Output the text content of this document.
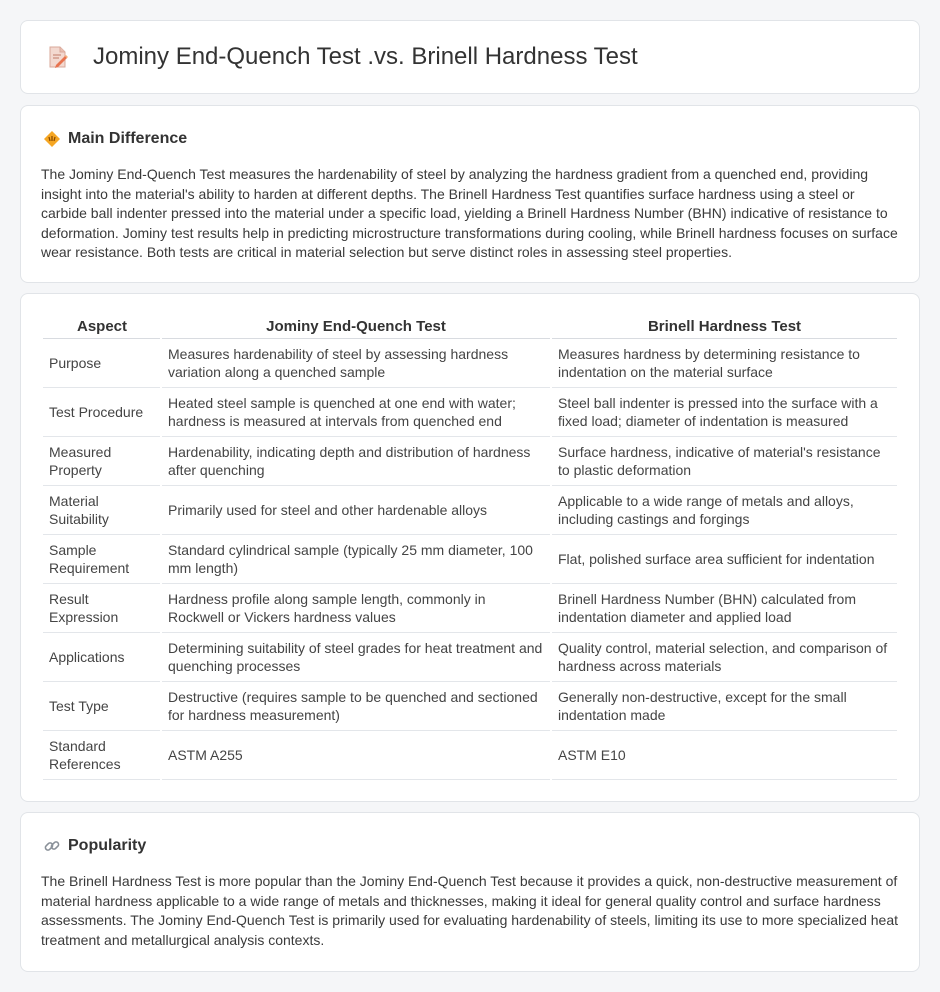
Jominy End-Quench Test .vs. Brinell Hardness Test
Main Difference

The Jominy End-Quench Test measures the hardenability of steel by analyzing the hardness gradient from a quenched end, providing insight into the material's ability to harden at different depths. The Brinell Hardness Test quantifies surface hardness using a steel or carbide ball indenter pressed into the material under a specific load, yielding a Brinell Hardness Number (BHN) indicative of resistance to deformation. Jominy test results help in predicting microstructure transformations during cooling, while Brinell hardness focuses on surface wear resistance. Both tests are critical in material selection but serve distinct roles in assessing steel properties.

Aspect	Jominy End-Quench Test	Brinell Hardness Test
Purpose	Measures hardenability of steel by assessing hardness variation along a quenched sample	Measures hardness by determining resistance to indentation on the material surface
Test Procedure	Heated steel sample is quenched at one end with water; hardness is measured at intervals from quenched end	Steel ball indenter is pressed into the surface with a fixed load; diameter of indentation is measured
Measured Property	Hardenability, indicating depth and distribution of hardness after quenching	Surface hardness, indicative of material's resistance to plastic deformation
Material Suitability	Primarily used for steel and other hardenable alloys	Applicable to a wide range of metals and alloys, including castings and forgings
Sample Requirement	Standard cylindrical sample (typically 25 mm diameter, 100 mm length)	Flat, polished surface area sufficient for indentation
Result Expression	Hardness profile along sample length, commonly in Rockwell or Vickers hardness values	Brinell Hardness Number (BHN) calculated from indentation diameter and applied load
Applications	Determining suitability of steel grades for heat treatment and quenching processes	Quality control, material selection, and comparison of hardness across materials
Test Type	Destructive (requires sample to be quenched and sectioned for hardness measurement)	Generally non-destructive, except for the small indentation made
Standard References	ASTM A255	ASTM E10
Popularity

The Brinell Hardness Test is more popular than the Jominy End-Quench Test because it provides a quick, non-destructive measurement of material hardness applicable to a wide range of metals and thicknesses, making it ideal for general quality control and surface hardness assessments. The Jominy End-Quench Test is primarily used for evaluating hardenability of steels, limiting its use to more specialized heat treatment and metallurgical analysis contexts.
